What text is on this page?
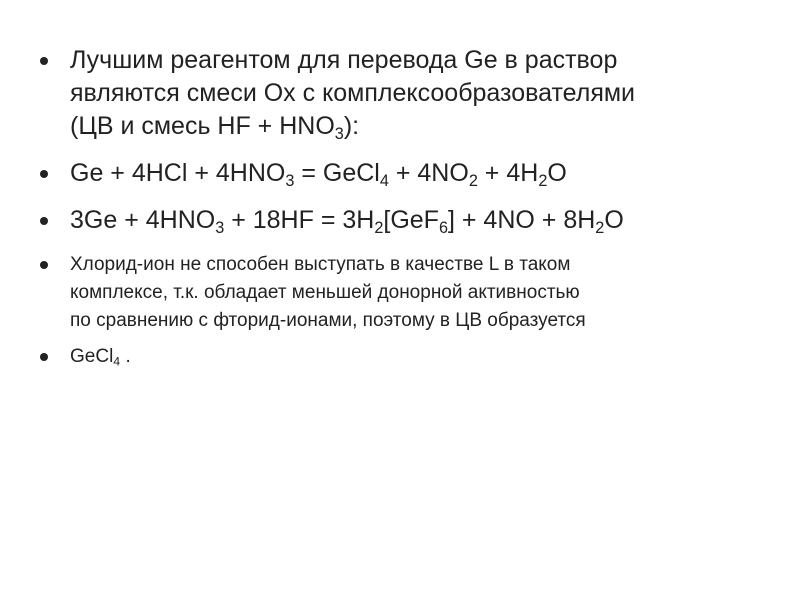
Лучшим реагентом для перевода Ge в раствор
являются смеси Ox с комплексообразователями
(ЦВ и смесь HF + $HNO_3$):
$Ge + 4HCl + 4HNO_3$ = GeCl$_4$ + $4NO_2 + 4H_2O$
$3Ge + 4HNO_3 + 18HF = 3H_2[GeF_6] + 4NO + 8H_2O$
Хлорид-ион не способен выступать в качестве L в таком
комплексе, т.к. обладает меньшей донорной активностью
по сравнению с фторид-ионами, поэтому в ЦВ образуется
GeCl$_4$ .
